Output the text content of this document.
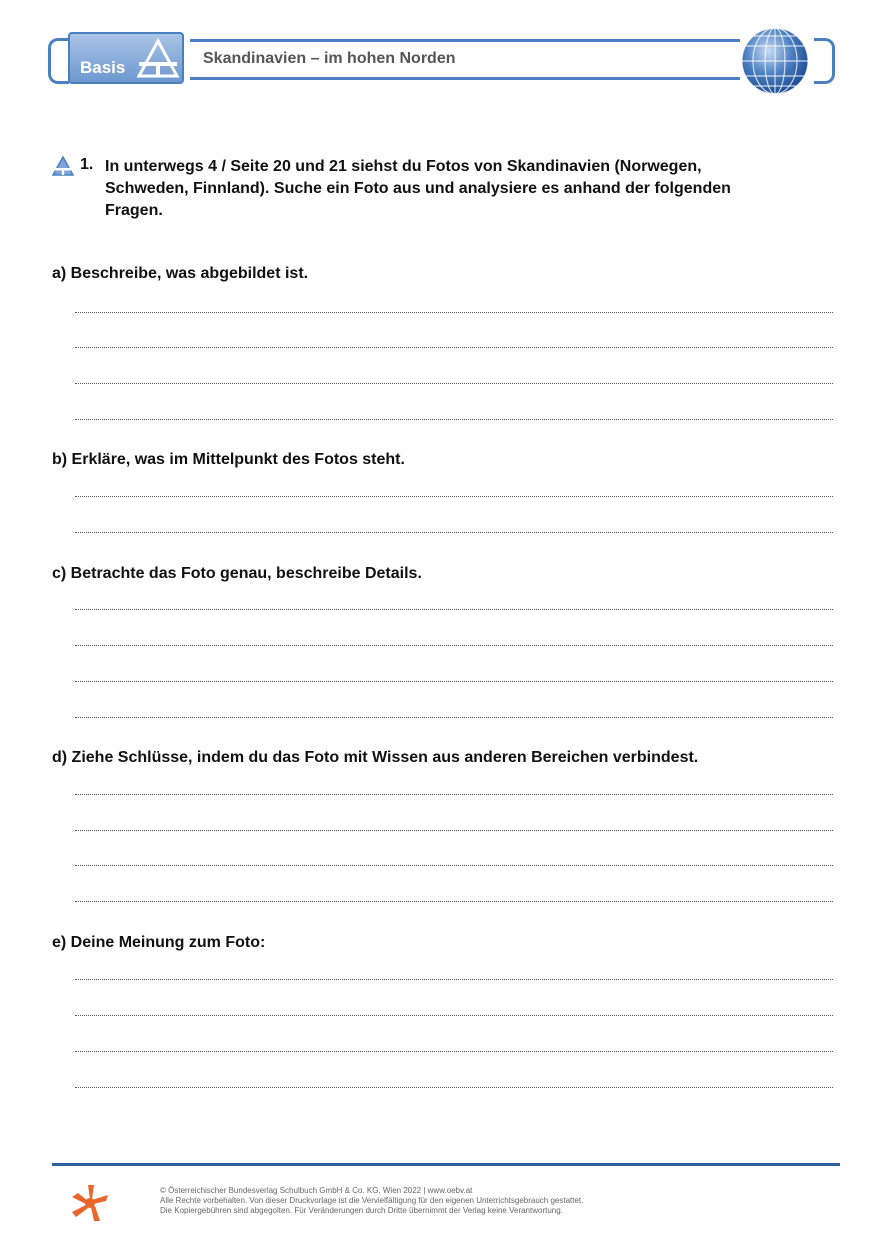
Basis	Skandinavien – im hohen Norden
1. In unterwegs 4 / Seite 20 und 21 siehst du Fotos von Skandinavien (Norwegen,
Schweden, Finnland). Suche ein Foto aus und analysiere es anhand der folgenden
Fragen.
a) Beschreibe, was abgebildet ist.
b) Erkläre, was im Mittelpunkt des Fotos steht.
c) Betrachte das Foto genau, beschreibe Details.
d) Ziehe Schlüsse, indem du das Foto mit Wissen aus anderen Bereichen verbindest.
e) Deine Meinung zum Foto:
© Österreichischer Bundesverlag Schulbuch GmbH & Co. KG, Wien 2022 | www.oebv.at
Alle Rechte vorbehalten. Von dieser Druckvorlage ist die Vervielfältigung für den eigenen Unterrichtsgebrauch gestattet.
Die Kopiergebühren sind abgegolten. Für Veränderungen durch Dritte übernimmt der Verlag keine Verantwortung.
